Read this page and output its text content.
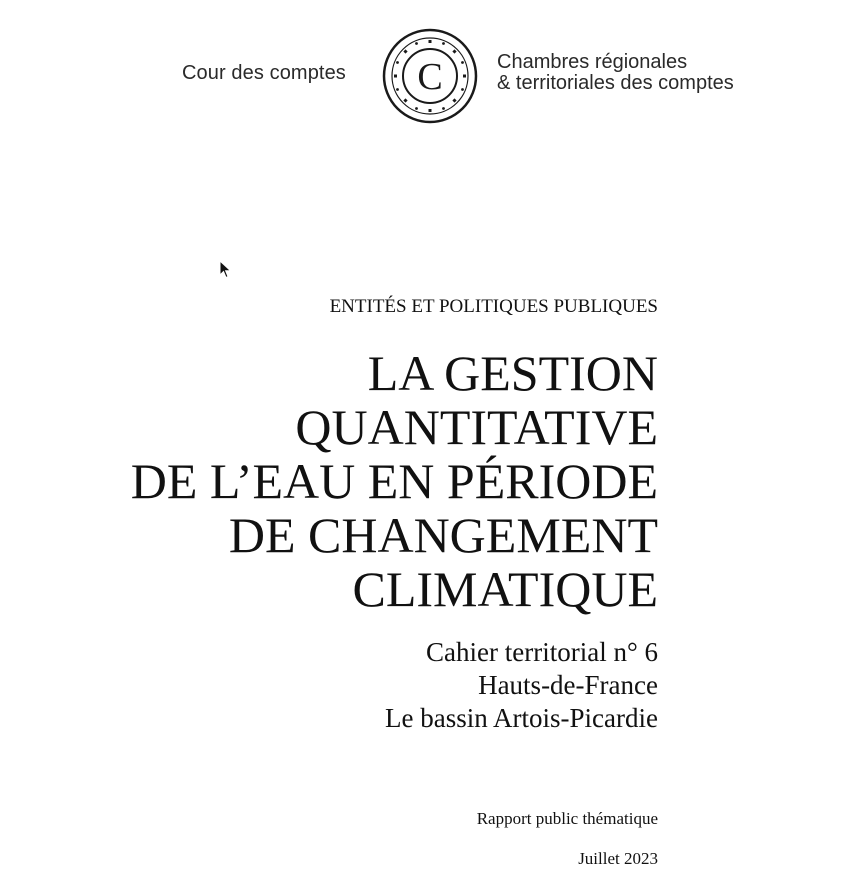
Cour des comptes C	Chambres régionales
& territoriales des comptes
ENTITÉS ET POLITIQUES PUBLIQUES
LA GESTION
QUANTITATIVE
DE L’EAU EN PÉRIODE
DE CHANGEMENT
CLIMATIQUE
Cahier territorial n° 6
Hauts-de-France
Le bassin Artois-Picardie
Rapport public thématique
Juillet 2023
